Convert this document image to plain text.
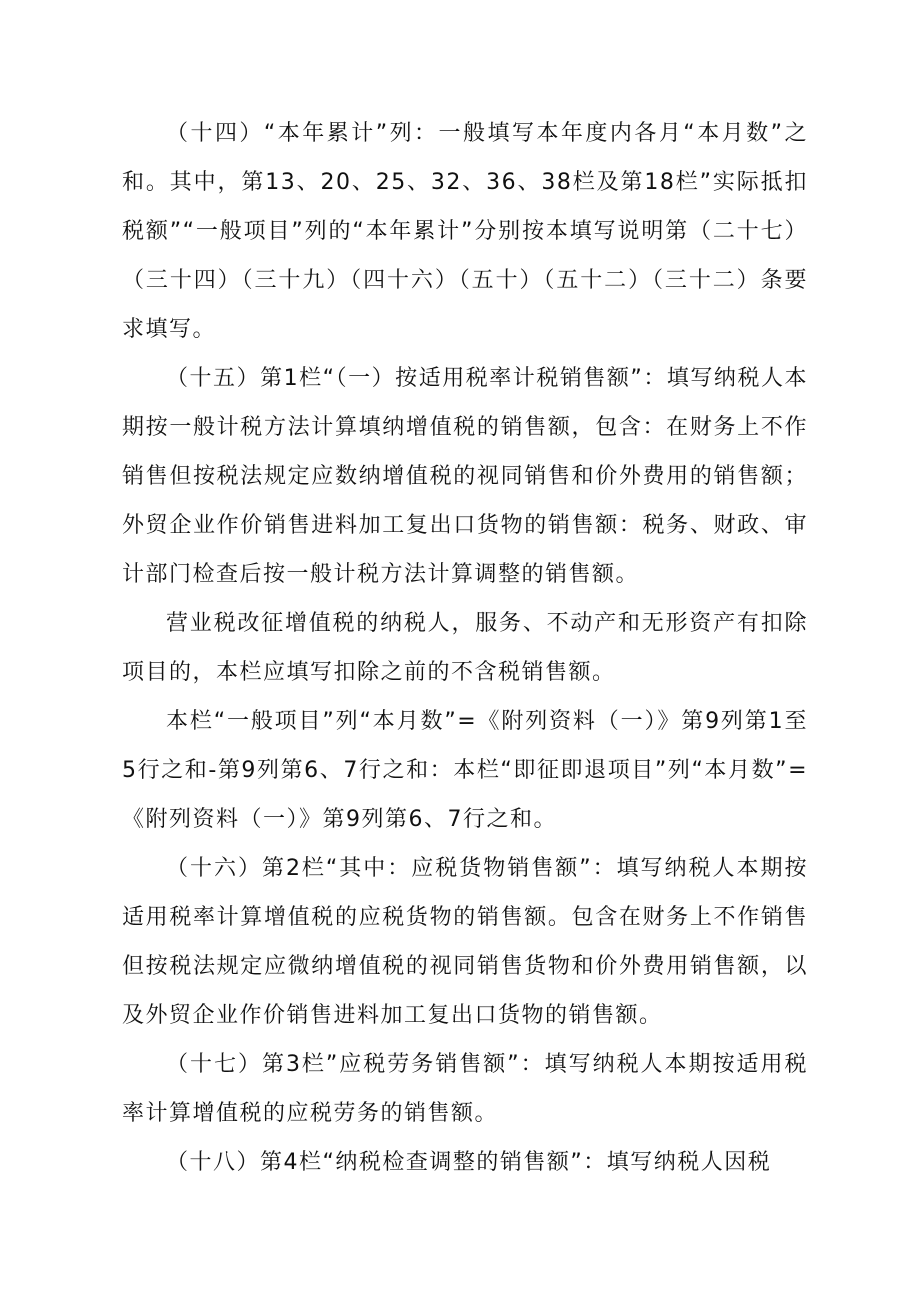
（十四）“本年累计”列：一般填写本年度内各月“本月数”之和。其中，第13、20、25、32、36、38栏及第18栏”实际抵扣税额”“一般项目”列的“本年累计”分别按本填写说明第（二十七）（三十四）（三十九）（四十六）（五十）（五十二）（三十二）条要求填写。

（十五）第1栏“（一）按适用税率计税销售额”：填写纳税人本期按一般计税方法计算填纳增值税的销售额，包含：在财务上不作销售但按税法规定应数纳增值税的视同销售和价外费用的销售额；外贸企业作价销售进料加工复出口货物的销售额：税务、财政、审计部门检查后按一般计税方法计算调整的销售额。

营业税改征增值税的纳税人，服务、不动产和无形资产有扣除项目的，本栏应填写扣除之前的不含税销售额。

本栏“一般项目”列“本月数”=《附列资料（一）》第9列第1至5行之和-第9列第6、7行之和：本栏“即征即退项目”列“本月数”=《附列资料（一）》第9列第6、7行之和。

（十六）第2栏“其中：应税货物销售额”：填写纳税人本期按适用税率计算增值税的应税货物的销售额。包含在财务上不作销售但按税法规定应微纳增值税的视同销售货物和价外费用销售额，以及外贸企业作价销售进料加工复出口货物的销售额。

（十七）第3栏”应税劳务销售额”：填写纳税人本期按适用税率计算增值税的应税劳务的销售额。

（十八）第4栏“纳税检查调整的销售额”：填写纳税人因税
